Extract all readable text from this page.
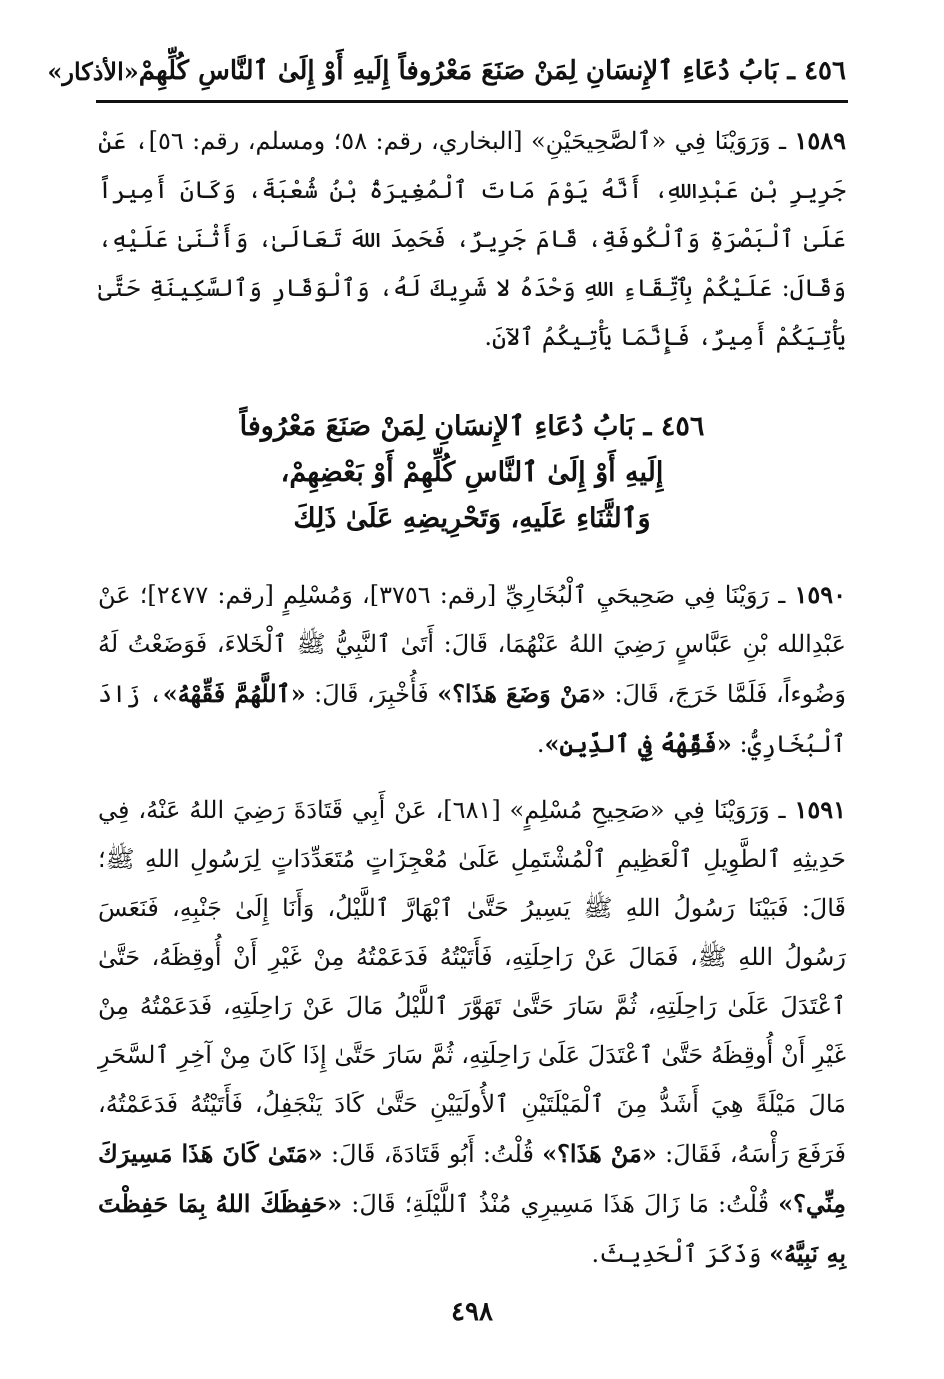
٤٥٦ ـ بَابُ دُعَاءِ ٱلإِنسَانِ لِمَنْ صَنَعَ مَعْرُوفاً إِلَيهِ أَوْ إِلَىٰ ٱلنَّاسِ كُلِّهِمْ
«الأذكار»

١٥٨٩ ـ وَرَوَيْنَا فِي «ٱلصَّحِيحَيْنِ» [البخاري، رقم: ٥٨؛ ومسلم، رقم: ٥٦]، عَنْ جَرِيرِ بْنِ عَبْدِاللهِ، أَنَّهُ يَوْمَ مَاتَ ٱلْمُغِيرَةُ بْنُ شُعْبَةَ، وَكَانَ أَمِيراً عَلَىٰ ٱلْبَصْرَةِ وَٱلْكُوفَةِ، قَامَ جَرِيرٌ، فَحَمِدَ اللهَ تَعَالَىٰ، وَأَثْنَىٰ عَلَيْهِ، وَقَالَ: عَلَيْكُمْ بِٱتِّقَاءِ اللهِ وَحْدَهُ لا شَرِيكَ لَهُ، وَٱلْوَقَارِ وَٱلسَّكِينَةِ حَتَّىٰ يَأْتِيَكُمْ أَمِيرٌ، فَإِنَّمَا يَأْتِيكُمُ ٱلآنَ.

٤٥٦ ـ بَابُ دُعَاءِ ٱلإِنسَانِ لِمَنْ صَنَعَ مَعْرُوفاً
إِلَيهِ أَوْ إِلَىٰ ٱلنَّاسِ كُلِّهِمْ أَوْ بَعْضِهِمْ،
وَٱلثَّنَاءِ عَلَيهِ، وَتَحْرِيضِهِ عَلَىٰ ذَلِكَ

١٥٩٠ ـ رَوَيْنَا فِي صَحِيحَيِ ٱلْبُخَارِيِّ [رقم: ٣٧٥٦]، وَمُسْلِمٍ [رقم: ٢٤٧٧]؛ عَنْ عَبْدِالله بْنِ عَبَّاسٍ رَضِيَ اللهُ عَنْهُمَا، قَالَ: أَتَىٰ ٱلنَّبِيُّ ﷺ ٱلْخَلاءَ، فَوَضَعْتُ لَهُ وَضُوءاً، فَلَمَّا خَرَجَ، قَالَ: «مَنْ وَضَعَ هَذَا؟» فَأُخْبِرَ، قَالَ: «ٱللَّهُمَّ فَقِّهْهُ»، زَادَ ٱلْبُخَارِيُّ: «فَقِّهْهُ فِي ٱلدِّينِ».

١٥٩١ ـ وَرَوَيْنَا فِي «صَحِيحِ مُسْلِمٍ» [٦٨١]، عَنْ أَبِي قَتَادَةَ رَضِيَ اللهُ عَنْهُ، فِي حَدِيثِهِ ٱلطَّوِيلِ ٱلْعَظِيمِ ٱلْمُشْتَمِلِ عَلَىٰ مُعْجِزَاتٍ مُتَعَدِّدَاتٍ لِرَسُولِ اللهِ ﷺ؛ قَالَ: فَبَيْنَا رَسُولُ اللهِ ﷺ يَسِيرُ حَتَّىٰ ٱبْهَارَّ ٱللَّيْلُ، وَأَنَا إِلَىٰ جَنْبِهِ، فَنَعَسَ رَسُولُ اللهِ ﷺ، فَمَالَ عَنْ رَاحِلَتِهِ، فَأَتَيْتُهُ فَدَعَمْتُهُ مِنْ غَيْرِ أَنْ أُوقِظَهُ، حَتَّىٰ ٱعْتَدَلَ عَلَىٰ رَاحِلَتِهِ، ثُمَّ سَارَ حَتَّىٰ تَهَوَّرَ ٱللَّيْلُ مَالَ عَنْ رَاحِلَتِهِ، فَدَعَمْتُهُ مِنْ غَيْرِ أَنْ أُوقِظَهُ حَتَّىٰ ٱعْتَدَلَ عَلَىٰ رَاحِلَتِهِ، ثُمَّ سَارَ حَتَّىٰ إِذَا كَانَ مِنْ آخِرِ ٱلسَّحَرِ مَالَ مَيْلَةً هِيَ أَشَدُّ مِنَ ٱلْمَيْلَتَيْنِ ٱلأُولَيَيْنِ حَتَّىٰ كَادَ يَنْجَفِلُ، فَأَتَيْتُهُ فَدَعَمْتُهُ، فَرَفَعَ رَأْسَهُ، فَقَالَ: «مَنْ هَذَا؟» قُلْتُ: أَبُو قَتَادَةَ، قَالَ: «مَتَىٰ كَانَ هَذَا مَسِيرَكَ مِنِّي؟» قُلْتُ: مَا زَالَ هَذَا مَسِيرِي مُنْذُ ٱللَّيْلَةِ؛ قَالَ: «حَفِظَكَ اللهُ بِمَا حَفِظْتَ بِهِ نَبِيَّهُ» وَذَكَرَ ٱلْحَدِيثَ.

٤٩٨
